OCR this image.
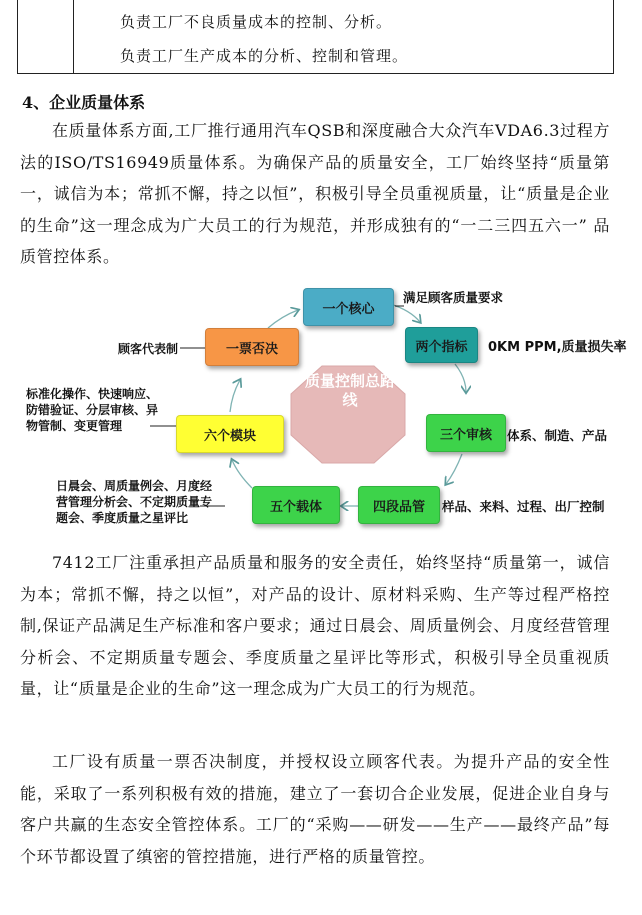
负责工厂不良质量成本的控制、分析。
负责工厂生产成本的分析、控制和管理。
4、企业质量体系

在质量体系方面,工厂推行通用汽车QSB和深度融合大众汽车VDA6.3过程方法的ISO/TS16949质量体系。为确保产品的质量安全，工厂始终坚持“质量第一，诚信为本；常抓不懈，持之以恒”，积极引导全员重视质量，让“质量是企业的生命”这一理念成为广大员工的行为规范，并形成独有的“一二三四五六一” 品质管控体系。

一个核心
两个指标
三个审核
四段品管
五个载体
六个模块
一票否决
质量控制总路线
满足顾客质量要求
0KM PPM,质量损失率
体系、制造、产品
样品、来料、过程、出厂控制
顾客代表制
标准化操作、快速响应、
防错验证、分层审核、异
物管制、变更管理
日晨会、周质量例会、月度经
营管理分析会、不定期质量专
题会、季度质量之星评比

7412工厂注重承担产品质量和服务的安全责任，始终坚持“质量第一，诚信为本；常抓不懈，持之以恒”，对产品的设计、原材料采购、生产等过程严格控制,保证产品满足生产标准和客户要求；通过日晨会、周质量例会、月度经营管理分析会、不定期质量专题会、季度质量之星评比等形式，积极引导全员重视质量，让“质量是企业的生命”这一理念成为广大员工的行为规范。

工厂设有质量一票否决制度，并授权设立顾客代表。为提升产品的安全性能，采取了一系列积极有效的措施，建立了一套切合企业发展，促进企业自身与客户共赢的生态安全管控体系。工厂的“采购——研发——生产——最终产品”每个环节都设置了缜密的管控措施，进行严格的质量管控。
